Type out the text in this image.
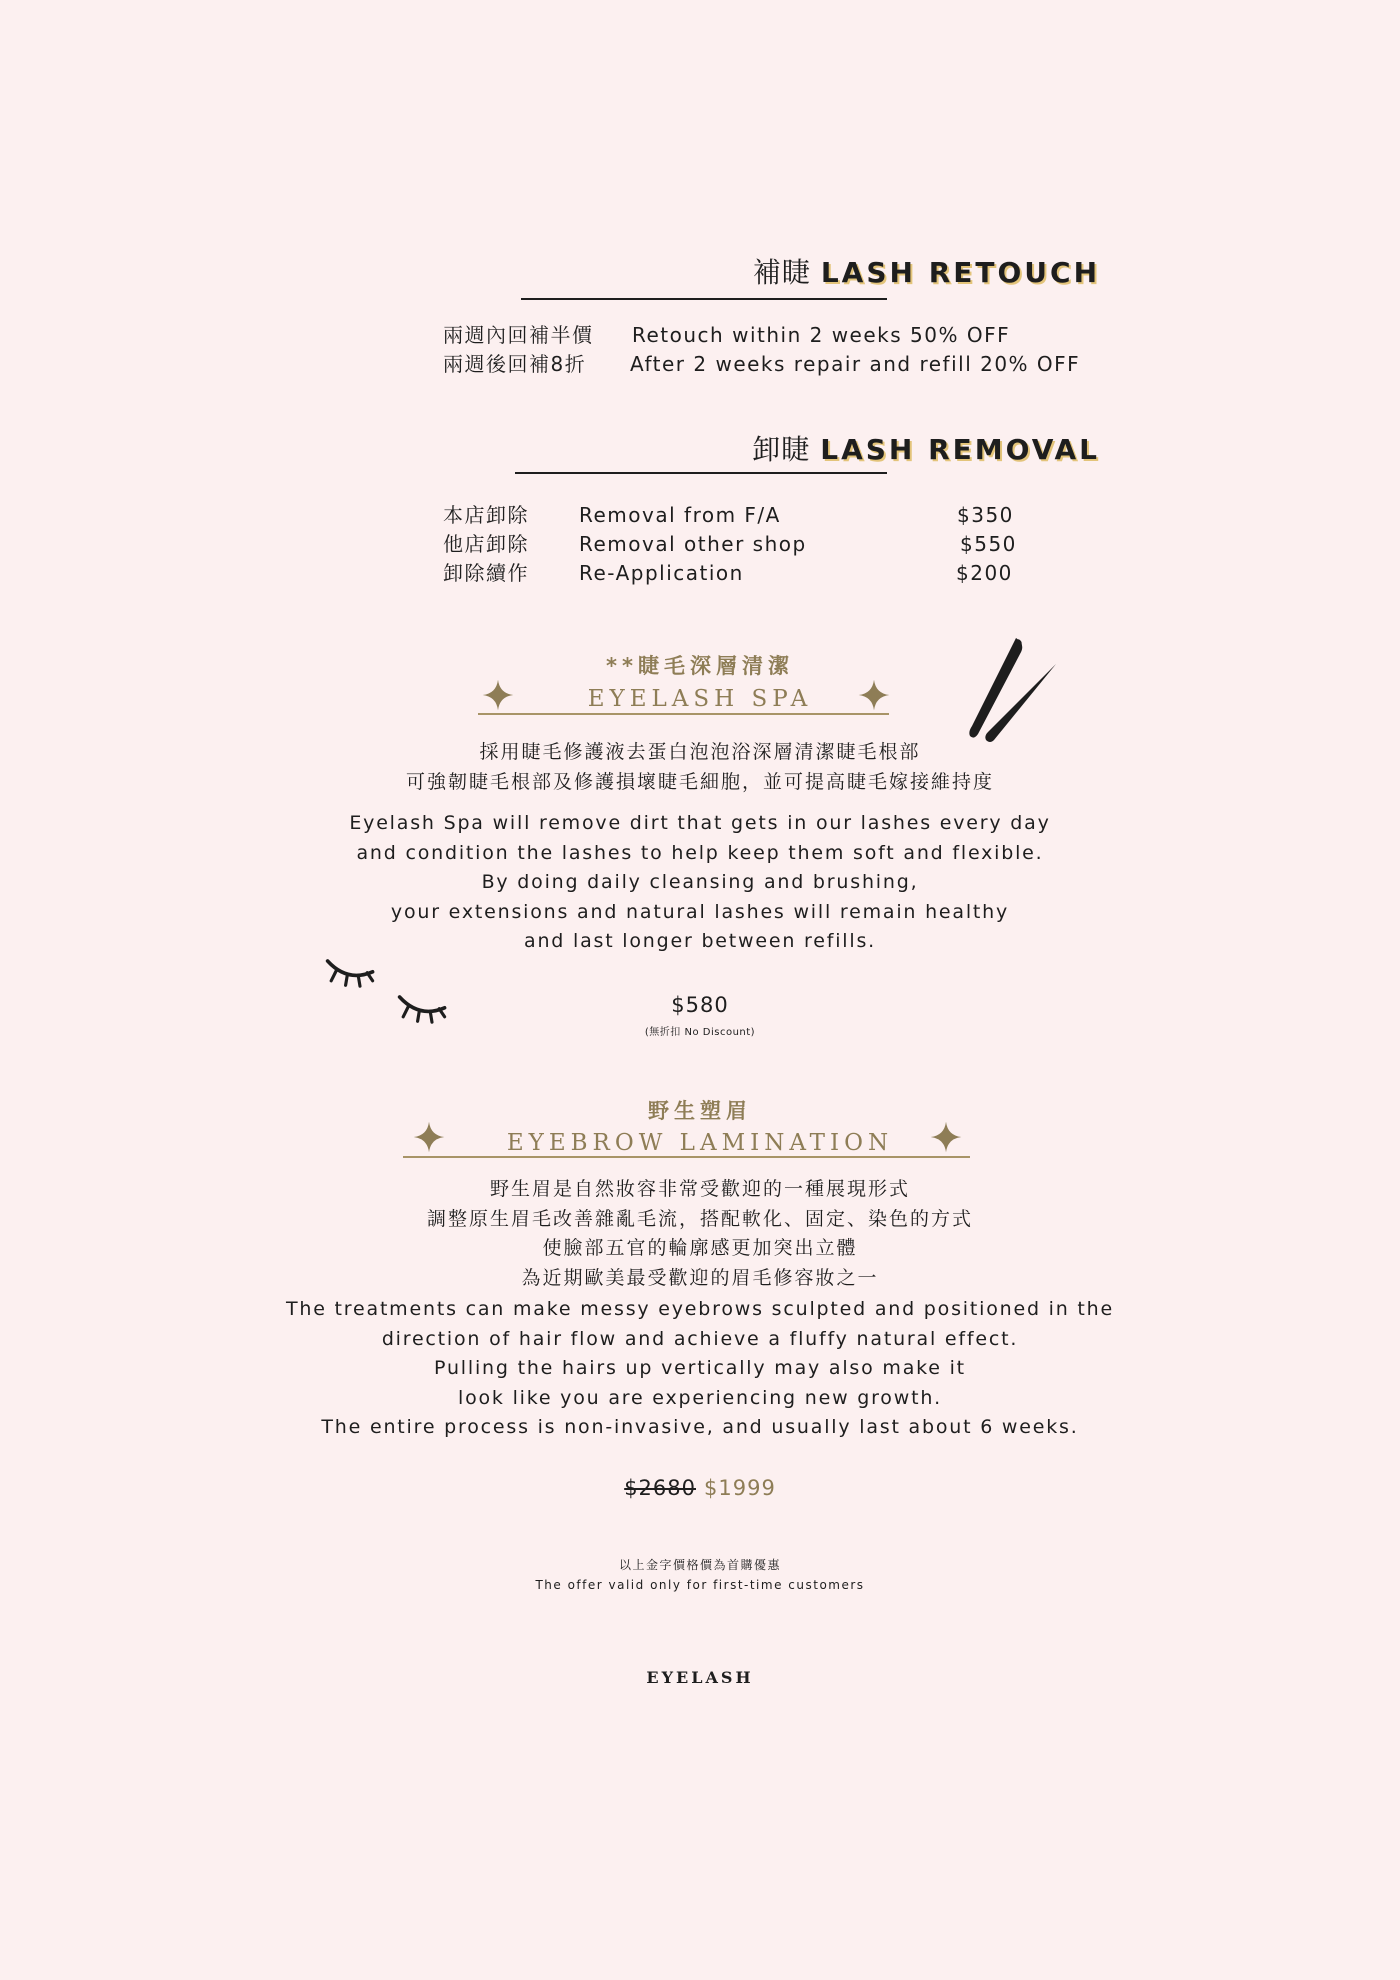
補睫 LASH RETOUCH
兩週內回補半價 Retouch within 2 weeks 50% OFF
兩週後回補8折 After 2 weeks repair and refill 20% OFF
卸睫 LASH REMOVAL
本店卸除	Removal from F/A	$350
他店卸除	Removal other shop	$550
卸除續作	Re-Application	$200
**睫毛深層清潔
EYELASH SPA
採用睫毛修護液去蛋白泡泡浴深層清潔睫毛根部
可強韌睫毛根部及修護損壞睫毛細胞，並可提高睫毛嫁接維持度
Eyelash Spa will remove dirt that gets in our lashes every day
and condition the lashes to help keep them soft and flexible.
By doing daily cleansing and brushing,
your extensions and natural lashes will remain healthy
and last longer between refills.
$580
(無折扣 No Discount)
野生塑眉
EYEBROW LAMINATION
野生眉是自然妝容非常受歡迎的一種展現形式
調整原生眉毛改善雜亂毛流，搭配軟化、固定、染色的方式
使臉部五官的輪廓感更加突出立體
為近期歐美最受歡迎的眉毛修容妝之一
The treatments can make messy eyebrows sculpted and positioned in the
direction of hair flow and achieve a fluffy natural effect.
Pulling the hairs up vertically may also make it
look like you are experiencing new growth.
The entire process is non-invasive, and usually last about 6 weeks.
$2680 $1999
以上金字價格價為首購優惠
The offer valid only for first-time customers
EYELASH
